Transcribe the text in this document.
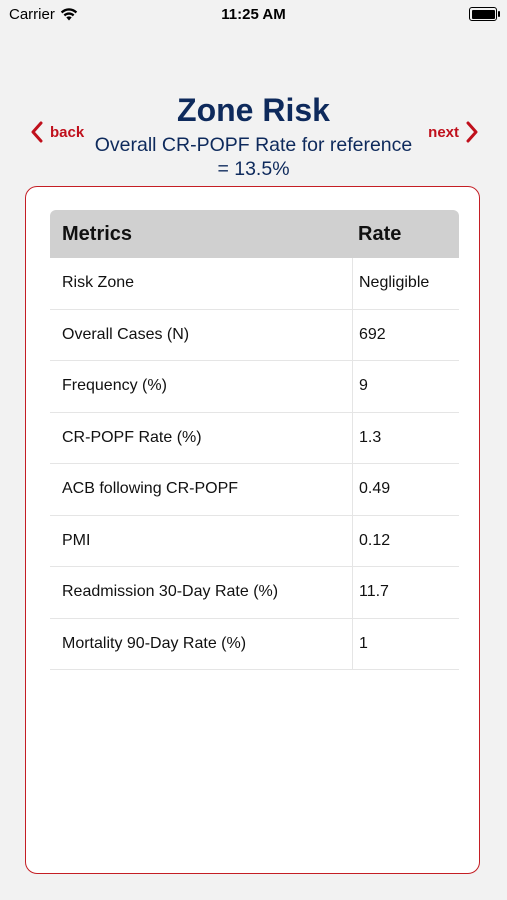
Carrier	11:25 AM
Zone Risk
back	next
Overall CR-POPF Rate for reference = 13.5%
Metrics	Rate
Risk Zone	Negligible
Overall Cases (N)	692
Frequency (%)	9
CR-POPF Rate (%)	1.3
ACB following CR-POPF	0.49
PMI	0.12
Readmission 30-Day Rate (%)	11.7
Mortality 90-Day Rate (%)	1
